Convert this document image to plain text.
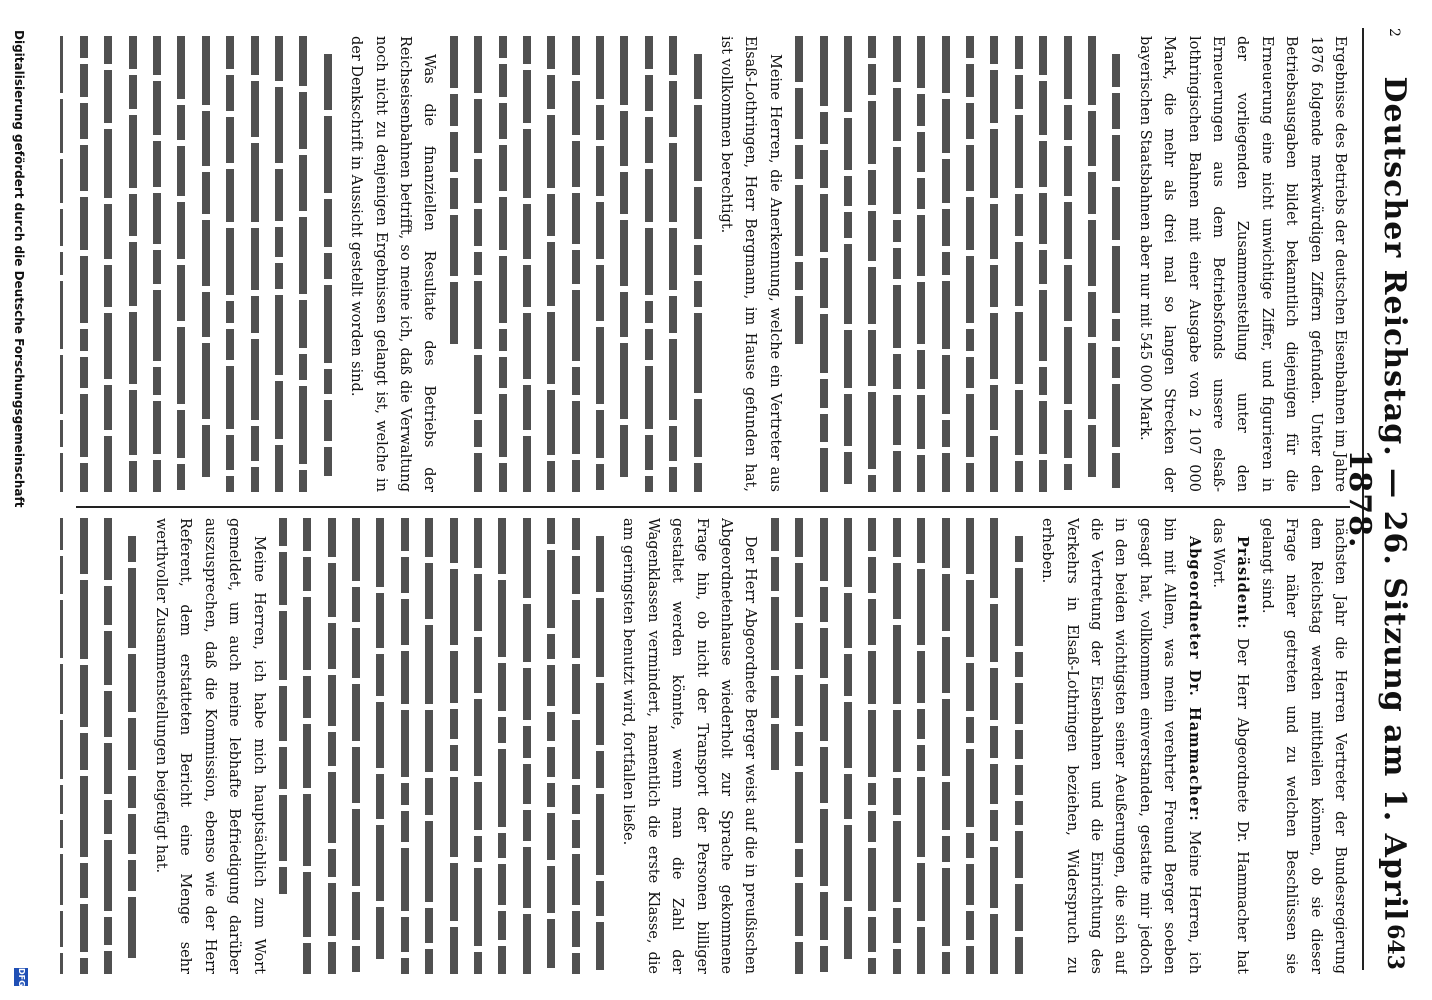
2
Deutscher Reichstag. — 26. Sitzung am 1. April 1878.
643

Ergebnisse des Betriebs der deutschen Eisenbahnen im Jahre 1876 folgende merkwürdigen Ziffern gefunden. Unter den Betriebsausgaben bildet bekanntlich diejenigen für die Erneuerung eine nicht unwichtige Ziffer, und figurieren in der vorliegenden Zusammenstellung unter den Erneuerungen aus dem Betriebsfonds unsere elsaß-lothringischen Bahnen mit einer Ausgabe von 2 107 000 Mark, die mehr als drei mal so langen Strecken der bayerischen Staatsbahnen aber nur mit 545 000 Mark.

Meine Herren, die Anerkennung, welche ein Vertreter aus Elsaß-Lothringen, Herr Bergmann, im Hause gefunden hat, ist vollkommen berechtigt.

Was die finanziellen Resultate des Betriebs der Reichseisenbahnen betrifft, so meine ich, daß die Verwaltung noch nicht zu denjenigen Ergebnissen gelangt ist, welche in der Denkschrift in Aussicht gestellt worden sind.

nächsten Jahr die Herren Vertreter der Bundesregierung dem Reichstag werden mittheilen können, ob sie dieser Frage näher getreten und zu welchen Beschlüssen sie gelangt sind.

Präsident: Der Herr Abgeordnete Dr. Hammacher hat das Wort.

Abgeordneter Dr. Hammacher: Meine Herren, ich bin mit Allem, was mein verehrter Freund Berger soeben gesagt hat, vollkommen einverstanden, gestatte mir jedoch in den beiden wichtigsten seiner Aeußerungen, die sich auf die Vertretung der Eisenbahnen und die Einrichtung des Verkehrs in Elsaß-Lothringen beziehen, Widerspruch zu erheben.

Der Herr Abgeordnete Berger weist auf die in preußischen Abgeordnetenhause wiederholt zur Sprache gekommene Frage hin, ob nicht der Transport der Personen billiger gestaltet werden könnte, wenn man die Zahl der Wagenklassen vermindert, namentlich die erste Klasse, die am geringsten benutzt wird, fortfallen ließe.

Meine Herren, ich habe mich hauptsächlich zum Wort gemeldet, um auch meine lebhafte Befriedigung darüber auszusprechen, daß die Kommission, ebenso wie der Herr Referent, dem erstatteten Bericht eine Menge sehr werthvoller Zusammenstellungen beigefügt hat.

Digitalisierung gefördert durch die Deutsche Forschungsgemeinschaft
DFG
